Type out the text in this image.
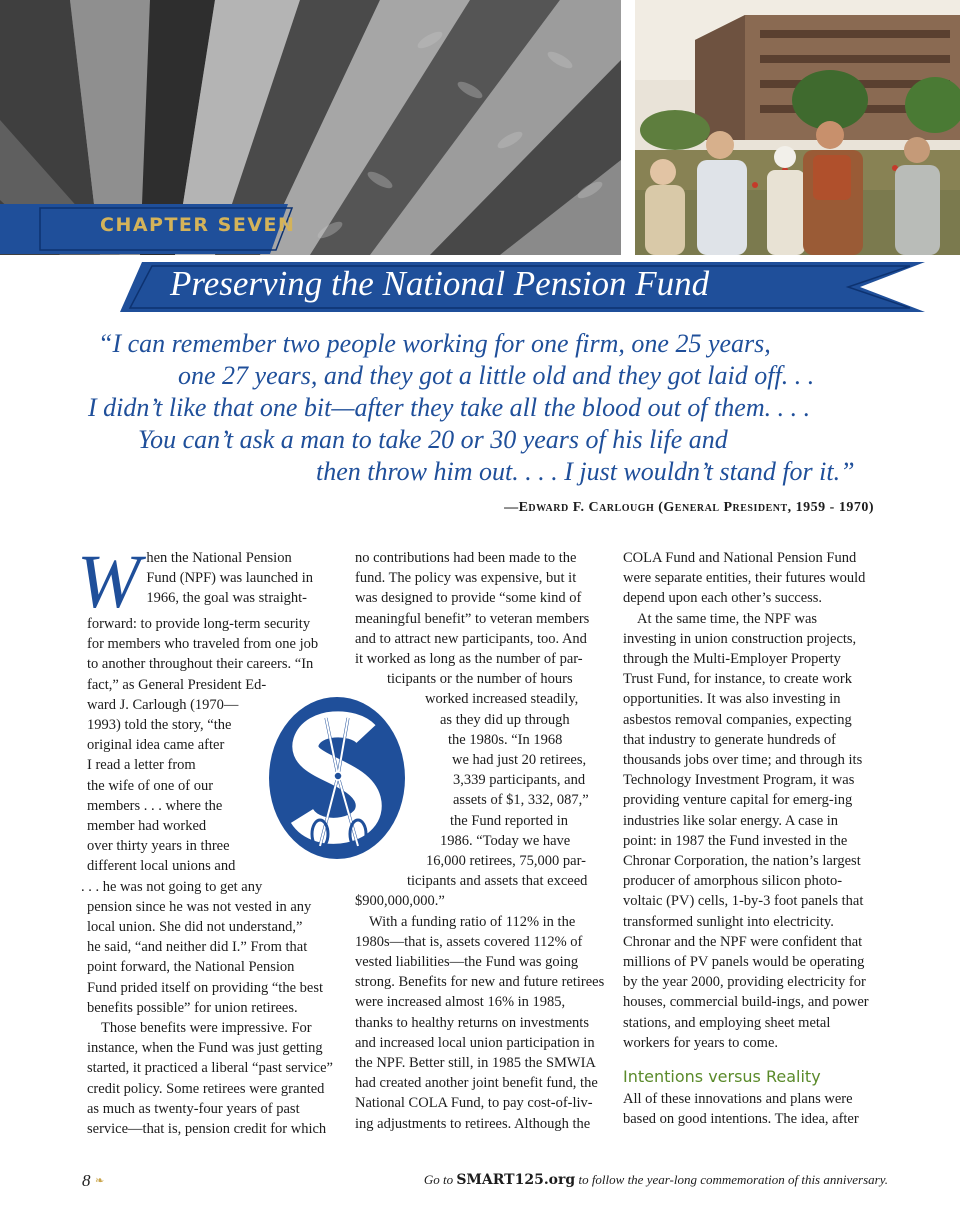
CHAPTER SEVEN
Preserving the National Pension Fund
“I can remember two people working for one firm, one 25 years,
one 27 years, and they got a little old and they got laid off. . .
I didn’t like that one bit—after they take all the blood out of them. . . .
You can’t ask a man to take 20 or 30 years of his life and
then throw him out. . . . I just wouldn’t stand for it.”
—Edward F. Carlough (General President, 1959 - 1970)
W hen the National Pension
Fund (NPF) was launched in
1966, the goal was straight-
forward: to provide long-term security
for members who traveled from one job
to another throughout their careers. “In
fact,” as General President Ed-
ward J. Carlough (1970—
1993) told the story, “the
original idea came after
I read a letter from
the wife of one of our
members . . . where the
member had worked
over thirty years in three
different local unions and
. . . he was not going to get any
pension since he was not vested in any
local union. She did not understand,”
he said, “and neither did I.” From that
point forward, the National Pension
Fund prided itself on providing “the best
benefits possible” for union retirees.

Those benefits were impressive. For instance, when the Fund was just getting started, it practiced a liberal “past service” credit policy. Some retirees were granted as much as twenty-four years of past service—that is, pension credit for which

no contributions had been made to the
fund. The policy was expensive, but it
was designed to provide “some kind of
meaningful benefit” to veteran members
and to attract new participants, too. And
it worked as long as the number of par-
ticipants or the number of hours
worked increased steadily,
as they did up through
the 1980s. “In 1968
we had just 20 retirees,
3,339 participants, and
assets of $1, 332, 087,”
the Fund reported in
1986. “Today we have
16,000 retirees, 75,000 par-
ticipants and assets that exceed
$900,000,000.”

With a funding ratio of 112% in the 1980s—that is, assets covered 112% of vested liabilities—the Fund was going strong. Benefits for new and future retirees were increased almost 16% in 1985, thanks to healthy returns on investments and increased local union participation in the NPF. Better still, in 1985 the SMWIA had created another joint benefit fund, the National COLA Fund, to pay cost-of-liv-ing adjustments to retirees. Although the

COLA Fund and National Pension Fund were separate entities, their futures would depend upon each other’s success.

At the same time, the NPF was investing in union construction projects, through the Multi-Employer Property Trust Fund, for instance, to create work opportunities. It was also investing in asbestos removal companies, expecting that industry to generate hundreds of thousands jobs over time; and through its Technology Investment Program, it was providing venture capital for emerg-ing industries like solar energy. A case in point: in 1987 the Fund invested in the Chronar Corporation, the nation’s largest producer of amorphous silicon photo-voltaic (PV) cells, 1-by-3 foot panels that transformed sunlight into electricity. Chronar and the NPF were confident that millions of PV panels would be operating by the year 2000, providing electricity for houses, commercial build-ings, and power stations, and employing sheet metal workers for years to come.

Intentions versus Reality

All of these innovations and plans were based on good intentions. The idea, after

8 ❧	Go to SMART125.org to follow the year-long commemoration of this anniversary.
